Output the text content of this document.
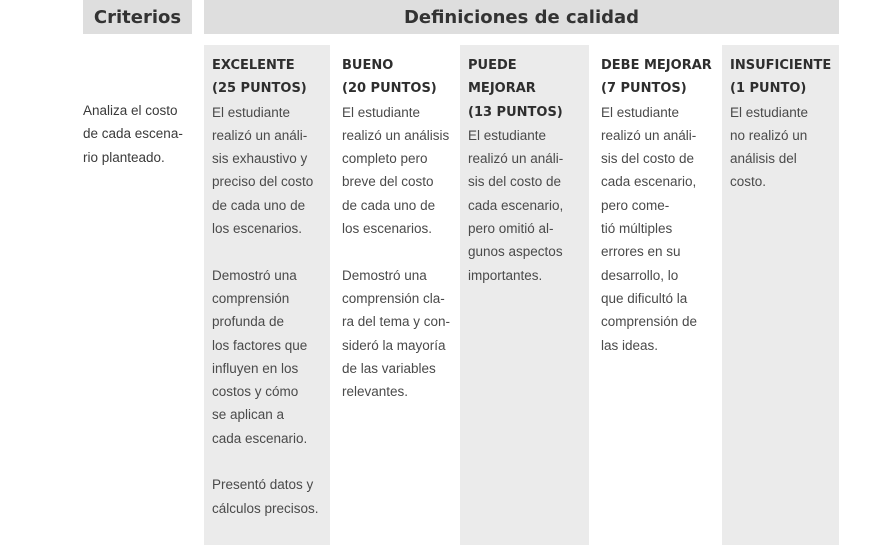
Criterios	Definiciones de calidad
Analiza el costo
de cada escena-
rio planteado.
EXCELENTE
(25 PUNTOS)
El estudiante
realizó un análi-
sis exhaustivo y
preciso del costo
de cada uno de
los escenarios.

Demostró una
comprensión
profunda de
los factores que
influyen en los
costos y cómo
se aplican a
cada escenario.

Presentó datos y
cálculos precisos.
BUENO
(20 PUNTOS)
El estudiante
realizó un análisis
completo pero
breve del costo
de cada uno de
los escenarios.

Demostró una
comprensión cla-
ra del tema y con-
sideró la mayoría
de las variables
relevantes.
PUEDE MEJORAR
(13 PUNTOS)
El estudiante
realizó un análi-
sis del costo de
cada escenario,
pero omitió al-
gunos aspectos
importantes.
DEBE MEJORAR
(7 PUNTOS)
El estudiante
realizó un análi-
sis del costo de
cada escenario,
pero come-
tió múltiples
errores en su
desarrollo, lo
que dificultó la
comprensión de
las ideas.
INSUFICIENTE
(1 PUNTO)
El estudiante
no realizó un
análisis del
costo.
